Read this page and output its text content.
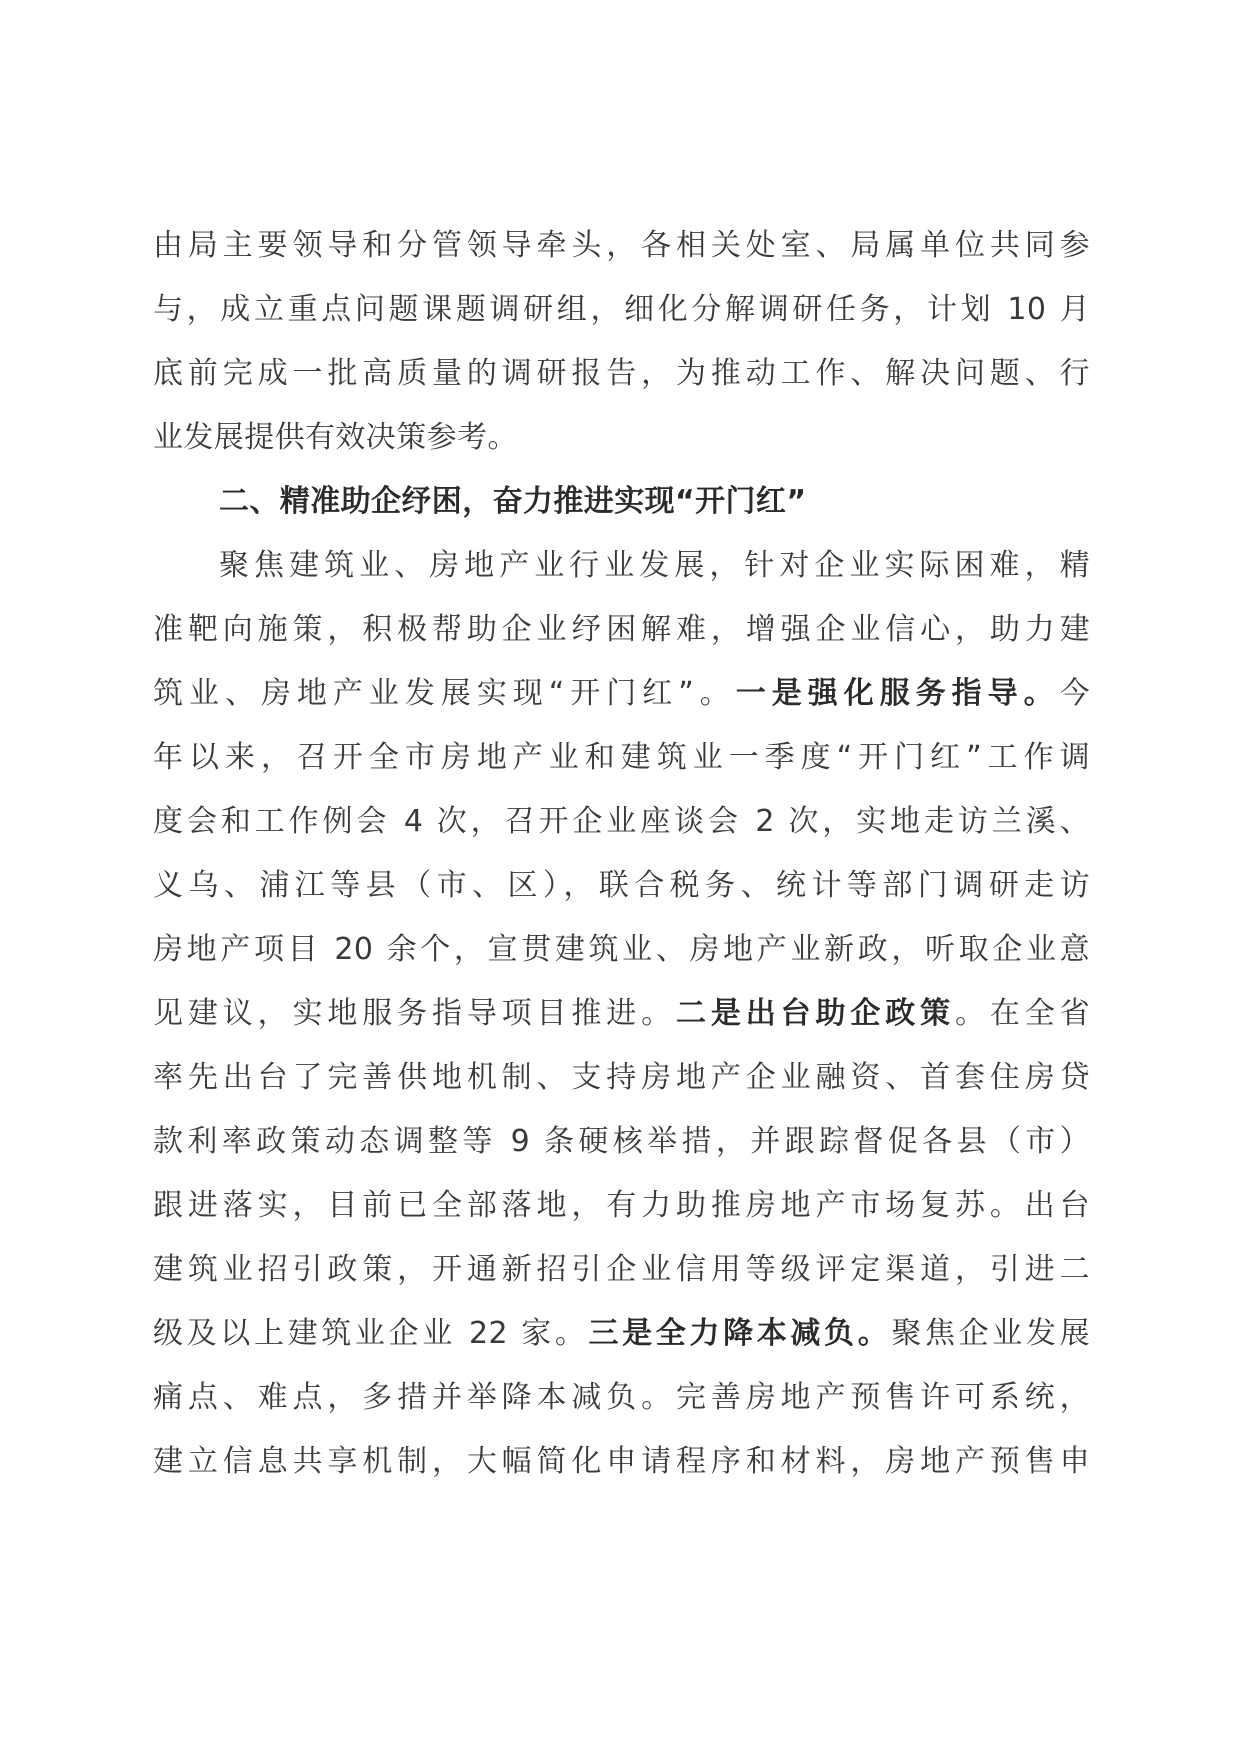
由局主要领导和分管领导牵头，各相关处室、局属单位共同参
与，成立重点问题课题调研组，细化分解调研任务，计划 10 月
底前完成一批高质量的调研报告，为推动工作、解决问题、行
业发展提供有效决策参考。
二、精准助企纾困，奋力推进实现“开门红”
聚焦建筑业、房地产业行业发展，针对企业实际困难，精
准靶向施策，积极帮助企业纾困解难，增强企业信心，助力建
筑业、房地产业发展实现“开门红”。一是强化服务指导。今
年以来，召开全市房地产业和建筑业一季度“开门红”工作调
度会和工作例会 4 次，召开企业座谈会 2 次，实地走访兰溪、
义乌、浦江等县（市、区），联合税务、统计等部门调研走访
房地产项目 20 余个，宣贯建筑业、房地产业新政，听取企业意
见建议，实地服务指导项目推进。二是出台助企政策。在全省
率先出台了完善供地机制、支持房地产企业融资、首套住房贷
款利率政策动态调整等 9 条硬核举措，并跟踪督促各县（市）
跟进落实，目前已全部落地，有力助推房地产市场复苏。出台
建筑业招引政策，开通新招引企业信用等级评定渠道，引进二
级及以上建筑业企业 22 家。三是全力降本减负。聚焦企业发展
痛点、难点，多措并举降本减负。完善房地产预售许可系统，
建立信息共享机制，大幅简化申请程序和材料，房地产预售申
